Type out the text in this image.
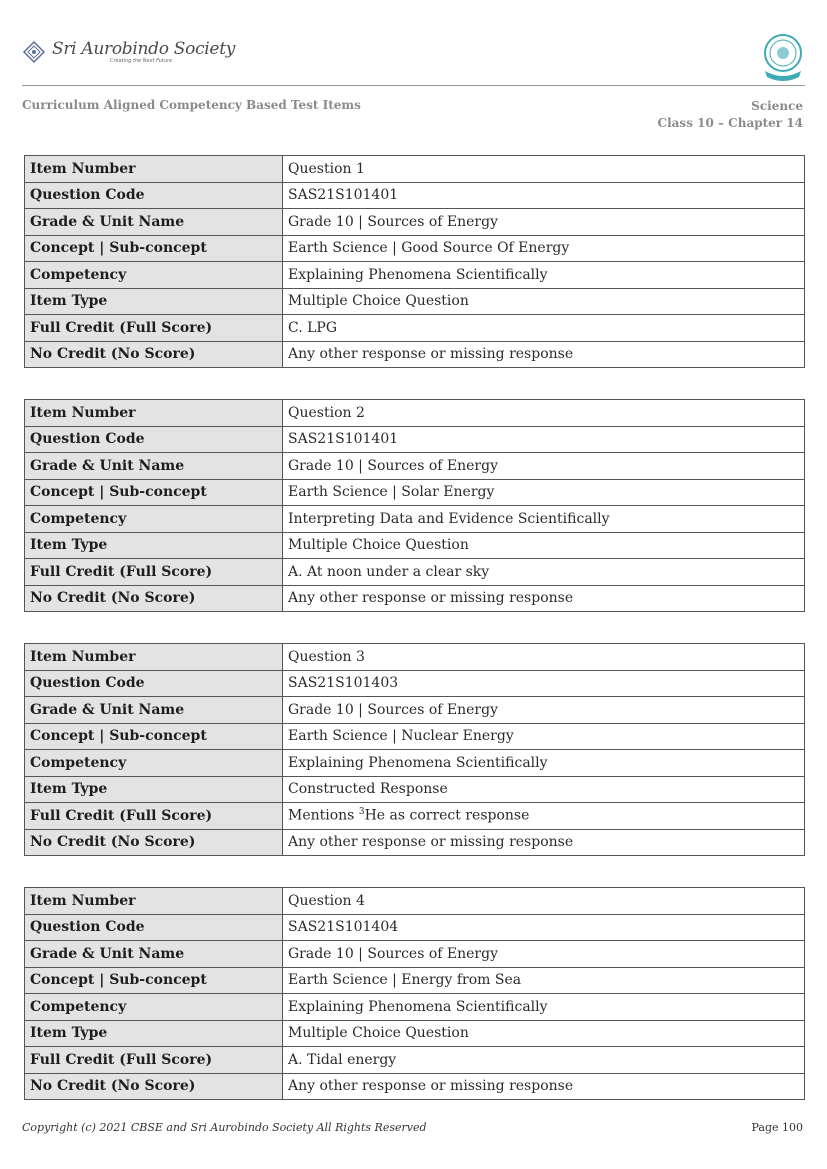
Sri Aurobindo Society
Creating the Next Future
Curriculum Aligned Competency Based Test Items	Science
Class 10 – Chapter 14
Item Number	Question 1
Question Code	SAS21S101401
Grade & Unit Name	Grade 10 | Sources of Energy
Concept | Sub-concept	Earth Science | Good Source Of Energy
Competency	Explaining Phenomena Scientifically
Item Type	Multiple Choice Question
Full Credit (Full Score)	C. LPG
No Credit (No Score)	Any other response or missing response
Item Number	Question 2
Question Code	SAS21S101401
Grade & Unit Name	Grade 10 | Sources of Energy
Concept | Sub-concept	Earth Science | Solar Energy
Competency	Interpreting Data and Evidence Scientifically
Item Type	Multiple Choice Question
Full Credit (Full Score)	A. At noon under a clear sky
No Credit (No Score)	Any other response or missing response
Item Number	Question 3
Question Code	SAS21S101403
Grade & Unit Name	Grade 10 | Sources of Energy
Concept | Sub-concept	Earth Science | Nuclear Energy
Competency	Explaining Phenomena Scientifically
Item Type	Constructed Response
Full Credit (Full Score)	Mentions $^3$He as correct response
No Credit (No Score)	Any other response or missing response
Item Number	Question 4
Question Code	SAS21S101404
Grade & Unit Name	Grade 10 | Sources of Energy
Concept | Sub-concept	Earth Science | Energy from Sea
Competency	Explaining Phenomena Scientifically
Item Type	Multiple Choice Question
Full Credit (Full Score)	A. Tidal energy
No Credit (No Score)	Any other response or missing response
Copyright (c) 2021 CBSE and Sri Aurobindo Society All Rights Reserved	Page 100
